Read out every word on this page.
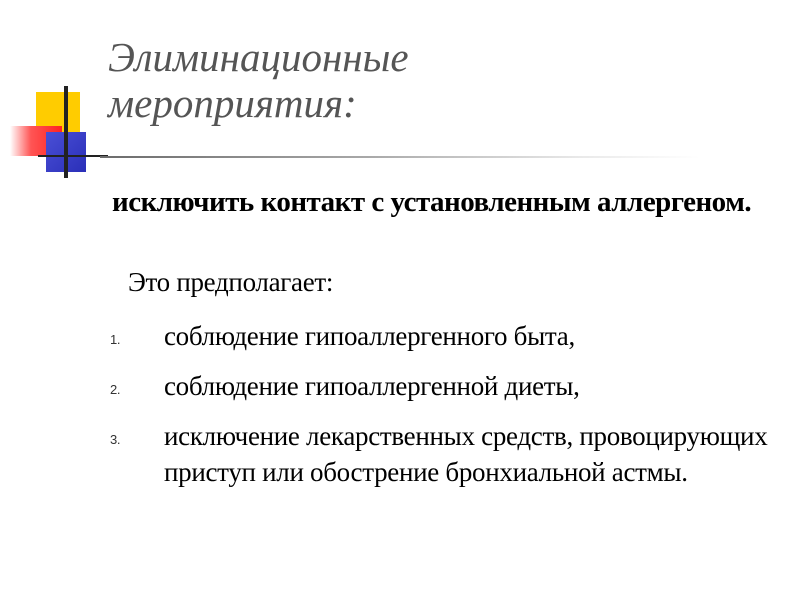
Элиминационные
мероприятия:
исключить контакт с установленным аллергеном.
Это предполагает:
1. соблюдение гипоаллергенного быта,
2. соблюдение гипоаллергенной диеты,
3. исключение лекарственных средств, провоцирующих приступ или обострение бронхиальной астмы.
